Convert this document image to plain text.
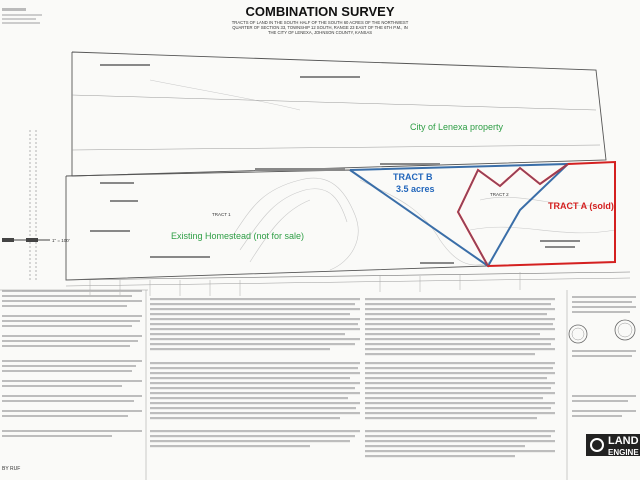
COMBINATION SURVEY
TRACTS OF LAND IN THE SOUTH HALF OF THE SOUTH 60 ACRES OF THE NORTHWEST
QUARTER OF SECTION 33, TOWNSHIP 12 SOUTH, RANGE 23 EAST OF THE 6TH P.M., IN
THE CITY OF LENEXA, JOHNSON COUNTY, KANSAS
City of Lenexa property
TRACT B
3.5 acres
TRACT A (sold)
Existing Homestead (not for sale)
TRACT 1
TRACT 2
1" = 100'
BY RUF
LAND
ENGINE
